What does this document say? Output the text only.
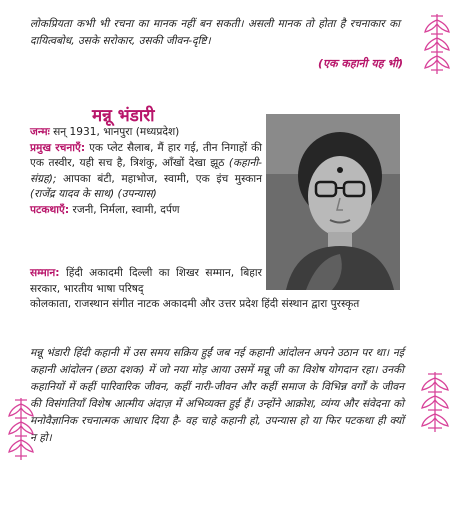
लोकप्रियता कभी भी रचना का मानक नहीं बन सकती। असली मानक तो होता है रचनाकार का दायित्वबोध, उसके सरोकार, उसकी जीवन-दृष्टि।
(एक कहानी यह भी)
मन्नू भंडारी
जन्मः सन् 1931, भानपुरा (मध्यप्रदेश)
प्रमुख रचनाएँ: एक प्लेट सैलाब, मैं हार गई, तीन निगाहों की एक तस्वीर, यही सच है, त्रिशंकु, आँखों देखा झूठ (कहानी-संग्रह); आपका बंटी, महाभोज, स्वामी, एक इंच मुस्कान (राजेंद्र यादव के साथ) (उपन्यास)
पटकथाएँ: रजनी, निर्मला, स्वामी, दर्पण
सम्मान: हिंदी अकादमी दिल्ली का शिखर सम्मान, बिहार सरकार, भारतीय भाषा परिषद्
कोलकाता, राजस्थान संगीत नाटक अकादमी और उत्तर प्रदेश हिंदी संस्थान द्वारा पुरस्कृत
मन्नू भंडारी हिंदी कहानी में उस समय सक्रिय हुईं जब नई कहानी आंदोलन अपने उठान पर था। नई कहानी आंदोलन (छठा दशक) में जो नया मोड़ आया उसमें मन्नू जी का विशेष योगदान रहा। उनकी कहानियों में कहीं पारिवारिक जीवन, कहीं नारी-जीवन और कहीं समाज के विभिन्न वर्गों के जीवन की विसंगतियाँ विशेष आत्मीय अंदाज़ में अभिव्यक्त हुई हैं। उन्होंने आक्रोश, व्यंग्य और संवेदना को मनोवैज्ञानिक रचनात्मक आधार दिया है- वह चाहे कहानी हो, उपन्यास हो या फिर पटकथा ही क्यों न हो।
